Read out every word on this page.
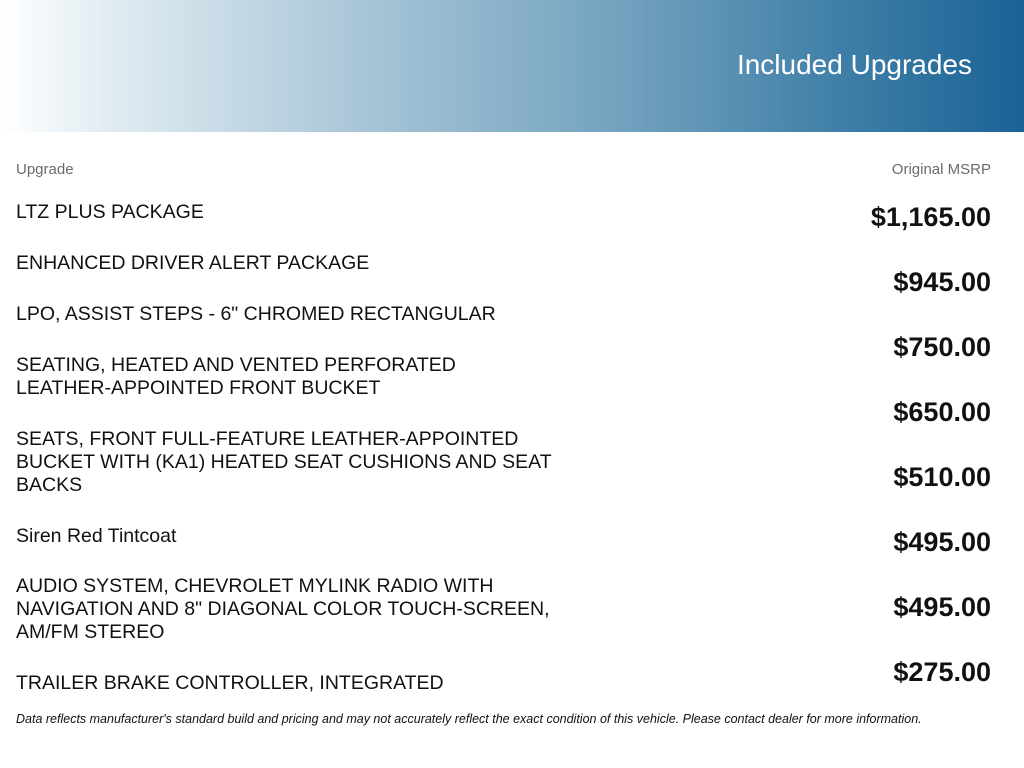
Included Upgrades
Upgrade	Original MSRP
LTZ PLUS PACKAGE
ENHANCED DRIVER ALERT PACKAGE
LPO, ASSIST STEPS - 6" CHROMED RECTANGULAR
SEATING, HEATED AND VENTED PERFORATED LEATHER-APPOINTED FRONT BUCKET
SEATS, FRONT FULL-FEATURE LEATHER-APPOINTED BUCKET WITH (KA1) HEATED SEAT CUSHIONS AND SEAT BACKS
Siren Red Tintcoat
AUDIO SYSTEM, CHEVROLET MYLINK RADIO WITH NAVIGATION AND 8" DIAGONAL COLOR TOUCH-SCREEN, AM/FM STEREO
TRAILER BRAKE CONTROLLER, INTEGRATED
$1,165.00
$945.00
$750.00
$650.00
$510.00
$495.00
$495.00
$275.00
Data reflects manufacturer's standard build and pricing and may not accurately reflect the exact condition of this vehicle. Please contact dealer for more information.
